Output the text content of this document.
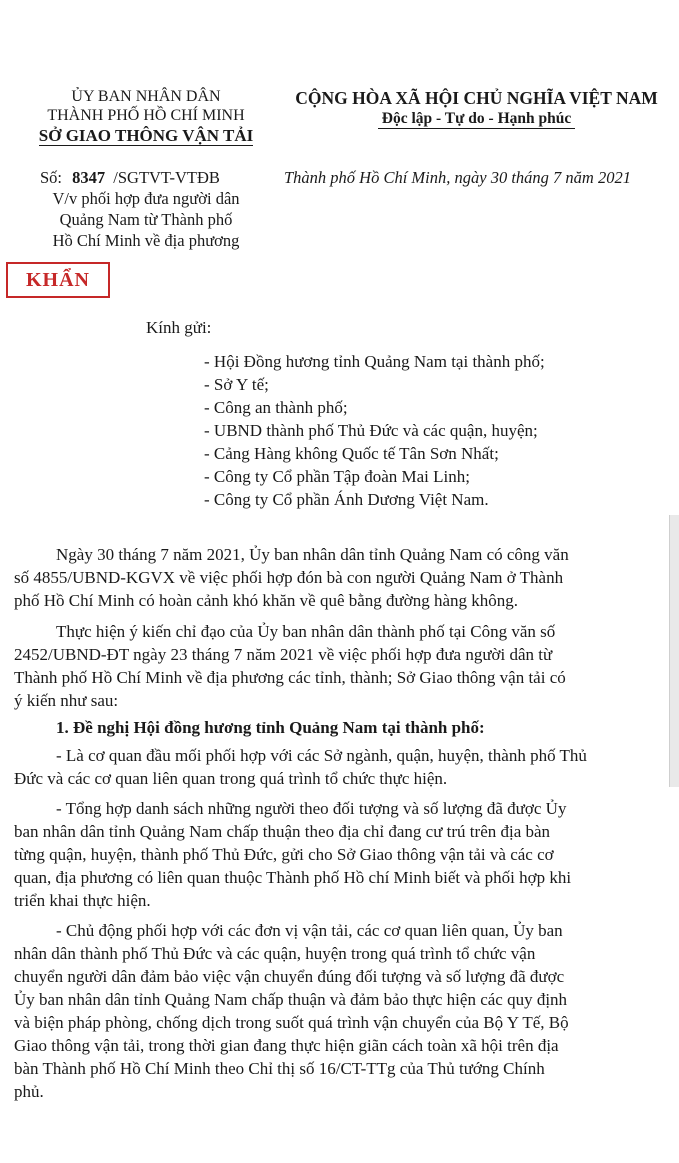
ỦY BAN NHÂN DÂN
THÀNH PHỐ HỒ CHÍ MINH
SỞ GIAO THÔNG VẬN TẢI
CỘNG HÒA XÃ HỘI CHỦ NGHĨA VIỆT NAM
Độc lập - Tự do - Hạnh phúc
Số: 8347 /SGTVT-VTĐB	Thành phố Hồ Chí Minh, ngày 30 tháng 7 năm 2021
V/v phối hợp đưa người dân
Quảng Nam từ Thành phố
Hồ Chí Minh về địa phương
KHẨN
Kính gửi:
- Hội Đồng hương tỉnh Quảng Nam tại thành phố;
- Sở Y tế;
- Công an thành phố;
- UBND thành phố Thủ Đức và các quận, huyện;
- Cảng Hàng không Quốc tế Tân Sơn Nhất;
- Công ty Cổ phần Tập đoàn Mai Linh;
- Công ty Cổ phần Ánh Dương Việt Nam.
Ngày 30 tháng 7 năm 2021, Ủy ban nhân dân tỉnh Quảng Nam có công văn
số 4855/UBND-KGVX về việc phối hợp đón bà con người Quảng Nam ở Thành
phố Hồ Chí Minh có hoàn cảnh khó khăn về quê bằng đường hàng không.
Thực hiện ý kiến chỉ đạo của Ủy ban nhân dân thành phố tại Công văn số
2452/UBND-ĐT ngày 23 tháng 7 năm 2021 về việc phối hợp đưa người dân từ
Thành phố Hồ Chí Minh về địa phương các tỉnh, thành; Sở Giao thông vận tải có
ý kiến như sau:
1. Đề nghị Hội đồng hương tỉnh Quảng Nam tại thành phố:
- Là cơ quan đầu mối phối hợp với các Sở ngành, quận, huyện, thành phố Thủ
Đức và các cơ quan liên quan trong quá trình tổ chức thực hiện.
- Tổng hợp danh sách những người theo đối tượng và số lượng đã được Ủy
ban nhân dân tỉnh Quảng Nam chấp thuận theo địa chỉ đang cư trú trên địa bàn
từng quận, huyện, thành phố Thủ Đức, gửi cho Sở Giao thông vận tải và các cơ
quan, địa phương có liên quan thuộc Thành phố Hồ chí Minh biết và phối hợp khi
triển khai thực hiện.
- Chủ động phối hợp với các đơn vị vận tải, các cơ quan liên quan, Ủy ban
nhân dân thành phố Thủ Đức và các quận, huyện trong quá trình tổ chức vận
chuyển người dân đảm bảo việc vận chuyển đúng đối tượng và số lượng đã được
Ủy ban nhân dân tỉnh Quảng Nam chấp thuận và đảm bảo thực hiện các quy định
và biện pháp phòng, chống dịch trong suốt quá trình vận chuyển của Bộ Y Tế, Bộ
Giao thông vận tải, trong thời gian đang thực hiện giãn cách toàn xã hội trên địa
bàn Thành phố Hồ Chí Minh theo Chỉ thị số 16/CT-TTg của Thủ tướng Chính
phủ.
